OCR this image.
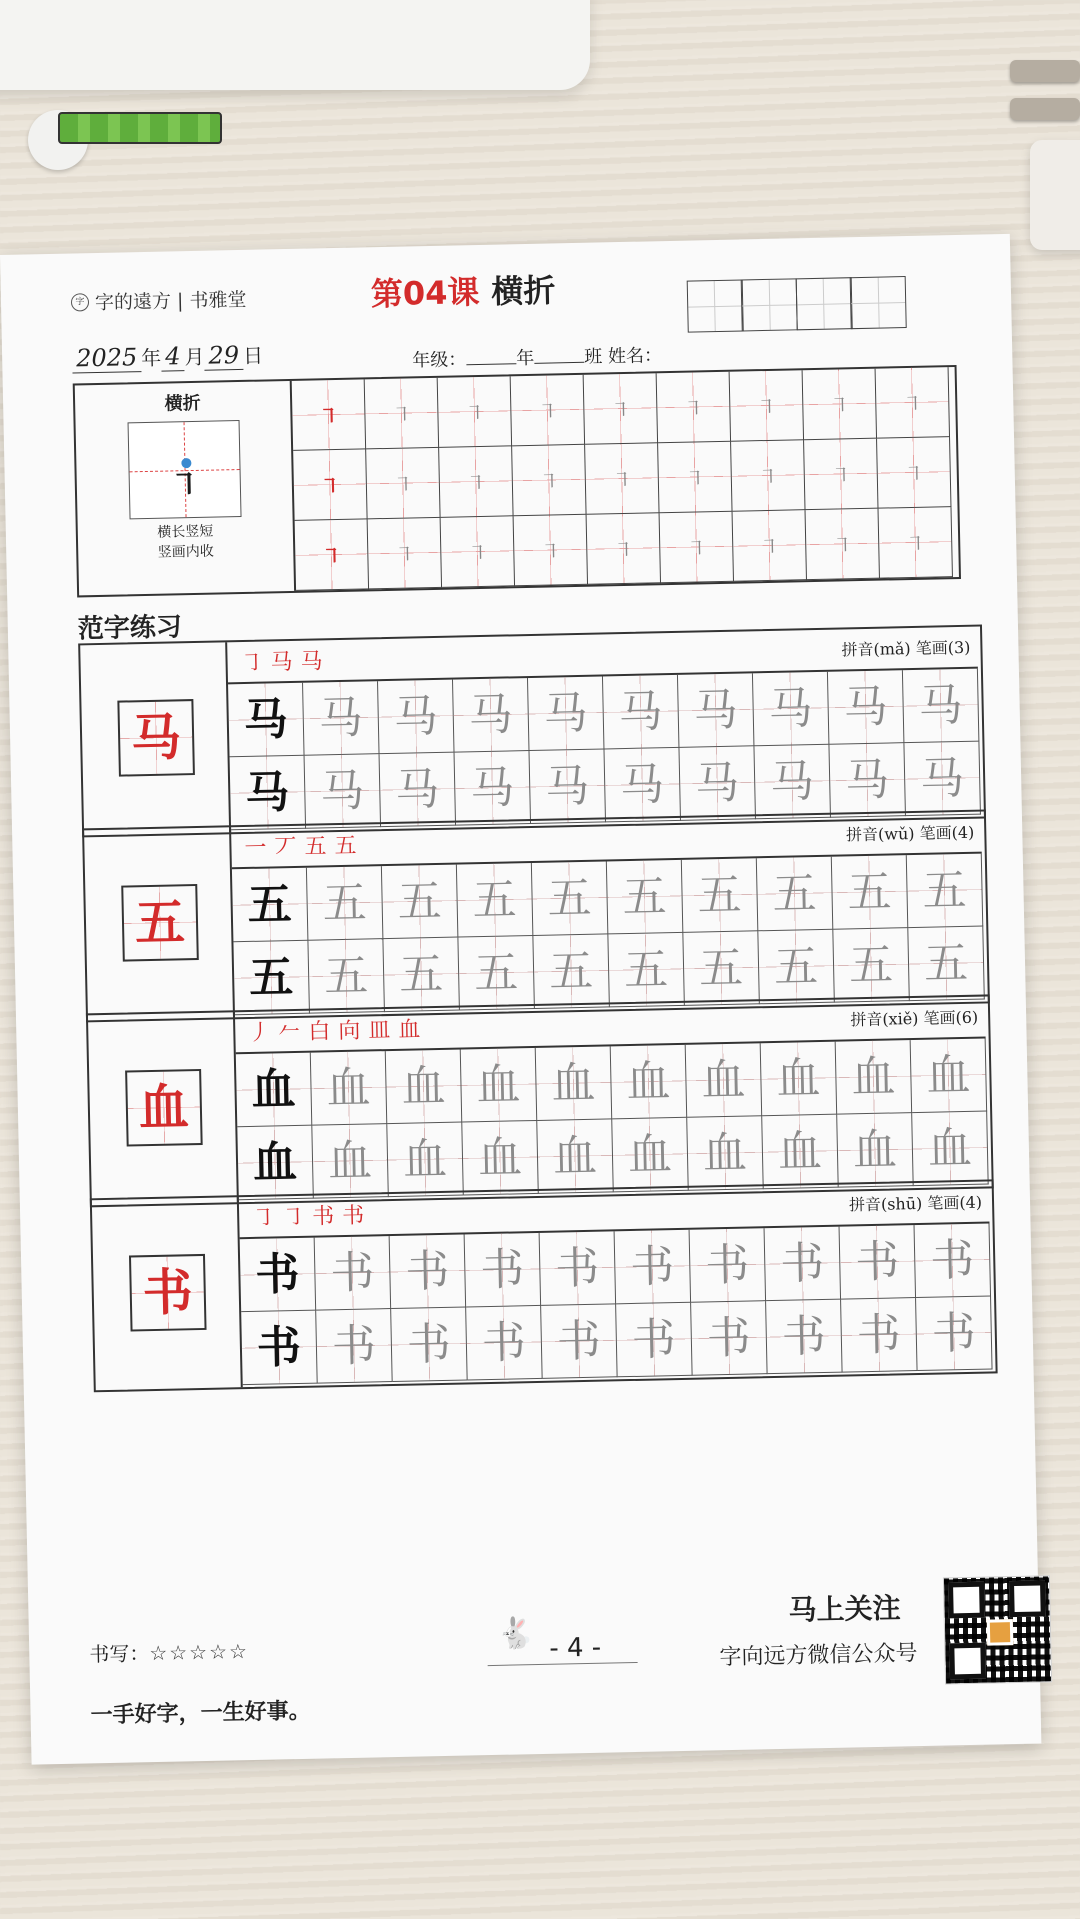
字 字的遠方 | 书雅堂	第04课 横折
2025 年 4 月 29 日	年级：	年	班 姓名：
横折
㇕
横长竖短
竖画内收
㇕	㇕	㇕	㇕	㇕	㇕	㇕	㇕	㇕
㇕	㇕	㇕	㇕	㇕	㇕	㇕	㇕	㇕
㇕	㇕	㇕	㇕	㇕	㇕	㇕	㇕	㇕
范字练习
马
㇆马马	拼音(mǎ) 笔画(3)
马 马 马 马 马 马 马 马 马 马
马 马 马 马 马 马 马 马 马 马
五
一丆五五	拼音(wǔ) 笔画(4)
五 五 五 五 五 五 五 五 五 五
五 五 五 五 五 五 五 五 五 五
血
丿𠂉白向皿血	拼音(xiě) 笔画(6)
血 血 血 血 血 血 血 血 血 血
血 血 血 血 血 血 血 血 血 血
书
㇆㇆书书	拼音(shū) 笔画(4)
书 书 书 书 书 书 书 书 书 书
书 书 书 书 书 书 书 书 书 书
书写：☆☆☆☆☆
一手好字，一生好事。
🐇 - 4 -
马上关注
字向远方微信公众号
